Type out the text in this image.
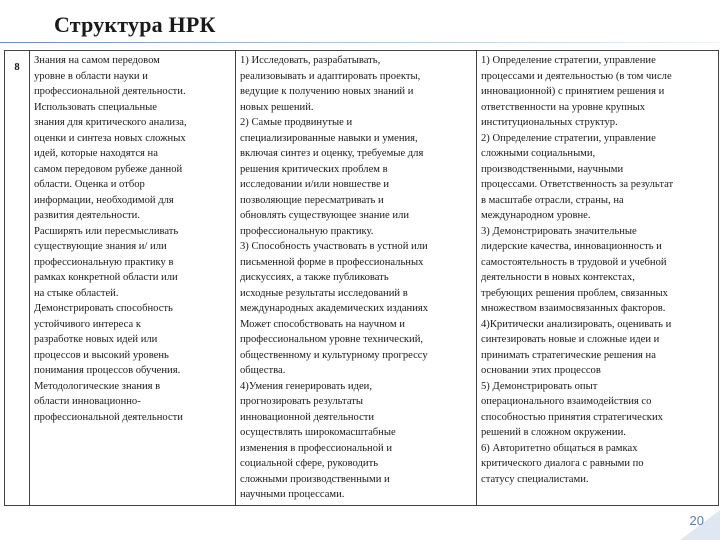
Структура НРК
8	
Знания на самом передовом
уровне в области науки и
профессиональной деятельности.
Использовать специальные
знания для критического анализа,
оценки и синтеза новых сложных
идей, которые находятся на
самом передовом рубеже данной
области. Оценка и отбор
информации, необходимой для
развития деятельности.
Расширять или пересмысливать
существующие знания и/ или
профессиональную практику в
рамках конкретной области или
на стыке областей.
Демонстрировать способность
устойчивого интереса к
разработке новых идей или
процессов и высокий уровень
понимания процессов обучения.
Методологические знания в
области инновационно-
профессиональной деятельности

1) Исследовать, разрабатывать,
реализовывать и адаптировать проекты,
ведущие к получению новых знаний и
новых решений.
2) Самые продвинутые и
специализированные навыки и умения,
включая синтез и оценку, требуемые для
решения критических проблем в
исследовании и/или новшестве и
позволяющие пересматривать и
обновлять существующее знание или
профессиональную практику.
3) Способность участвовать в устной или
письменной форме в профессиональных
дискуссиях, а также публиковать
исходные результаты исследований в
международных академических изданиях
Может способствовать на научном и
профессиональном уровне технический,
общественному и культурному прогрессу
общества.
4)Умения генерировать идеи,
прогнозировать результаты
инновационной деятельности
осуществлять широкомасштабные
изменения в профессиональной и
социальной сфере, руководить
сложными производственными и
научными процессами.

1) Определение стратегии, управление
процессами и деятельностью (в том числе
инновационной) с принятием решения и
ответственности на уровне крупных
институциональных структур.
2) Определение стратегии, управление
сложными социальными,
производственными, научными
процессами. Ответственность за результат
в масштабе отрасли, страны, на
международном уровне.
3) Демонстрировать значительные
лидерские качества, инновационность и
самостоятельность в трудовой и учебной
деятельности в новых контекстах,
требующих решения проблем, связанных
множеством взаимосвязанных факторов.
4)Критически анализировать, оценивать и
синтезировать новые и сложные идеи и
принимать стратегические решения на
основании этих процессов
5) Демонстрировать опыт
операционального взаимодействия со
способностью принятия стратегических
решений в сложном окружении.
6) Авторитетно общаться в рамках
критического диалога с равными по
статусу специалистами.
20
